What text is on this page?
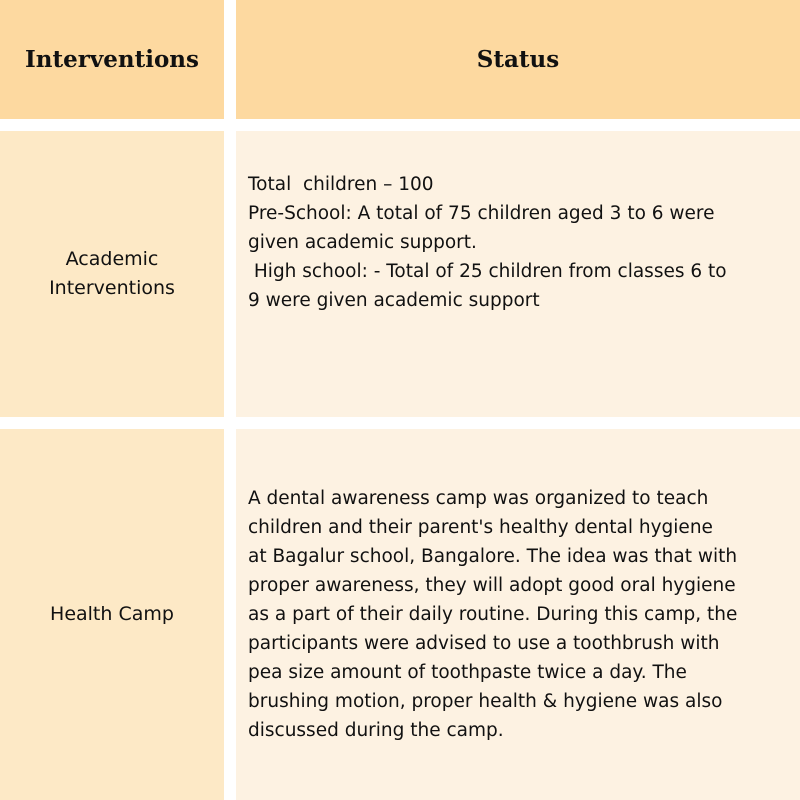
Interventions	Status
Academic Interventions
Total  children – 100
Pre-School: A total of 75 children aged 3 to 6 were
given academic support.
High school: - Total of 25 children from classes 6 to
9 were given academic support
Health Camp
A dental awareness camp was organized to teach
children and their parent's healthy dental hygiene
at Bagalur school, Bangalore. The idea was that with
proper awareness, they will adopt good oral hygiene
as a part of their daily routine. During this camp, the
participants were advised to use a toothbrush with
pea size amount of toothpaste twice a day. The
brushing motion, proper health & hygiene was also
discussed during the camp.
